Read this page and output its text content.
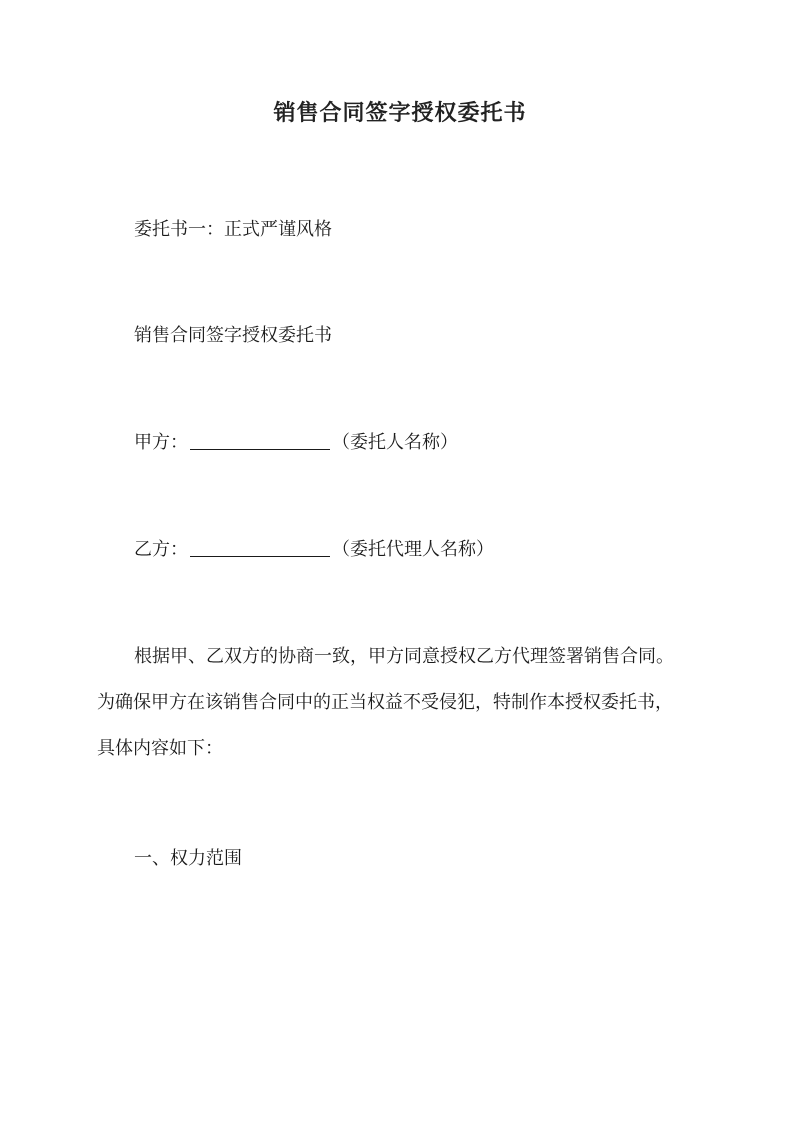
销售合同签字授权委托书
委托书一：正式严谨风格
销售合同签字授权委托书
甲方：	（委托人名称）
乙方：	（委托代理人名称）
根据甲、乙双方的协商一致，甲方同意授权乙方代理签署销售合同。
为确保甲方在该销售合同中的正当权益不受侵犯，特制作本授权委托书，
具体内容如下：
一、权力范围
